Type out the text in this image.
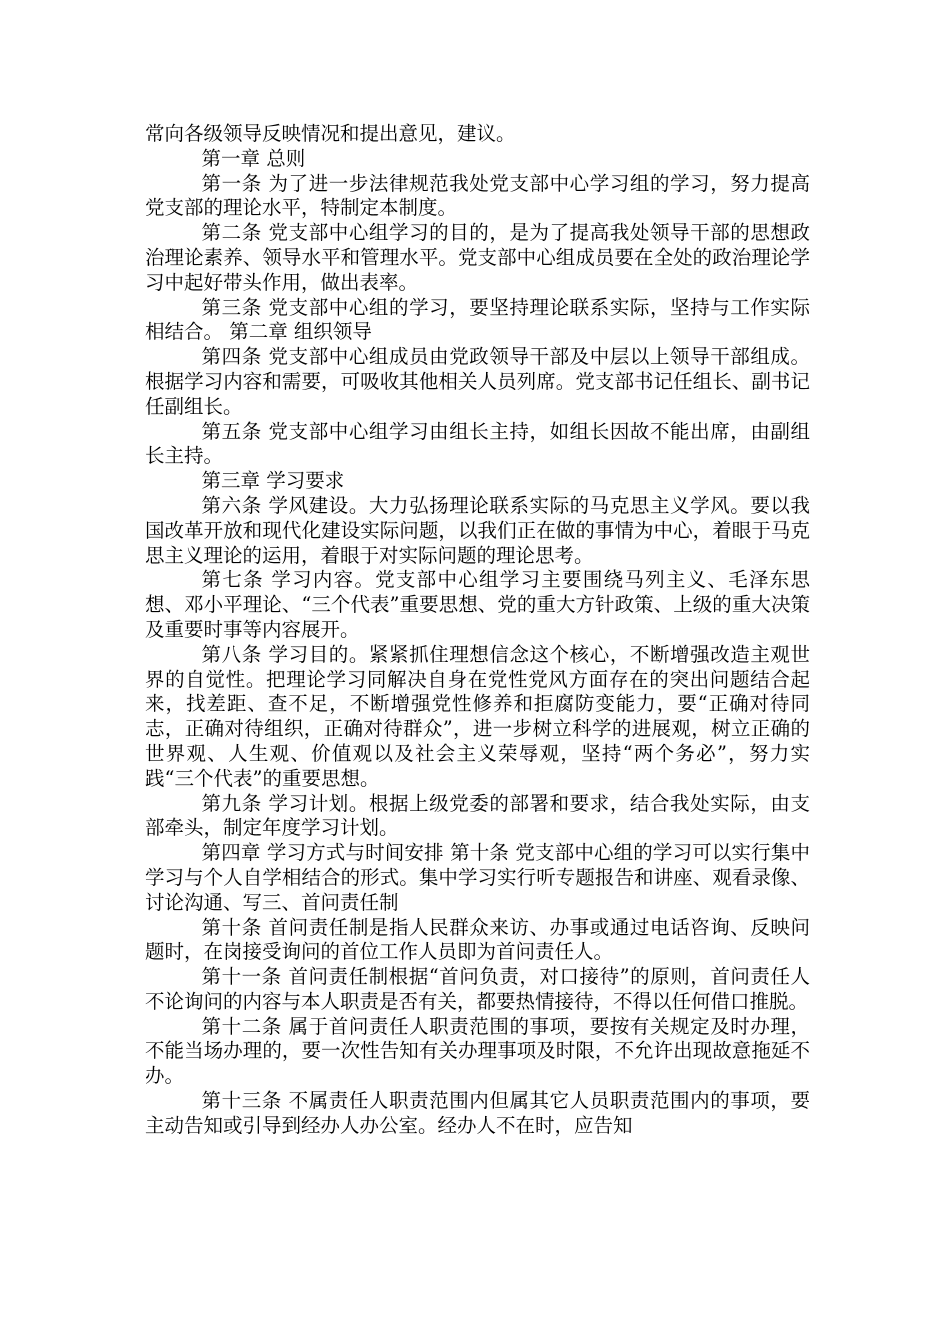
常向各级领导反映情况和提出意见，建议。

第一章 总则

第一条 为了进一步法律规范我处党支部中心学习组的学习，努力提高党支部的理论水平，特制定本制度。

第二条 党支部中心组学习的目的，是为了提高我处领导干部的思想政治理论素养、领导水平和管理水平。党支部中心组成员要在全处的政治理论学习中起好带头作用，做出表率。

第三条 党支部中心组的学习，要坚持理论联系实际，坚持与工作实际相结合。 第二章 组织领导

第四条 党支部中心组成员由党政领导干部及中层以上领导干部组成。根据学习内容和需要，可吸收其他相关人员列席。党支部书记任组长、副书记任副组长。

第五条 党支部中心组学习由组长主持，如组长因故不能出席，由副组长主持。

第三章 学习要求

第六条 学风建设。大力弘扬理论联系实际的马克思主义学风。要以我国改革开放和现代化建设实际问题，以我们正在做的事情为中心，着眼于马克思主义理论的运用，着眼于对实际问题的理论思考。

第七条 学习内容。党支部中心组学习主要围绕马列主义、毛泽东思想、邓小平理论、“三个代表”重要思想、党的重大方针政策、上级的重大决策及重要时事等内容展开。

第八条 学习目的。紧紧抓住理想信念这个核心，不断增强改造主观世界的自觉性。把理论学习同解决自身在党性党风方面存在的突出问题结合起来，找差距、查不足，不断增强党性修养和拒腐防变能力，要“正确对待同志，正确对待组织，正确对待群众”，进一步树立科学的进展观，树立正确的世界观、人生观、价值观以及社会主义荣辱观，坚持“两个务必”，努力实践“三个代表”的重要思想。

第九条 学习计划。根据上级党委的部署和要求，结合我处实际，由支部牵头，制定年度学习计划。

第四章 学习方式与时间安排 第十条 党支部中心组的学习可以实行集中学习与个人自学相结合的形式。集中学习实行听专题报告和讲座、观看录像、讨论沟通、写三、首问责任制

第十条 首问责任制是指人民群众来访、办事或通过电话咨询、反映问题时，在岗接受询问的首位工作人员即为首问责任人。

第十一条 首问责任制根据“首问负责，对口接待”的原则，首问责任人不论询问的内容与本人职责是否有关，都要热情接待，不得以任何借口推脱。

第十二条 属于首问责任人职责范围的事项，要按有关规定及时办理，不能当场办理的，要一次性告知有关办理事项及时限，不允许出现故意拖延不办。

第十三条 不属责任人职责范围内但属其它人员职责范围内的事项，要主动告知或引导到经办人办公室。经办人不在时，应告知
